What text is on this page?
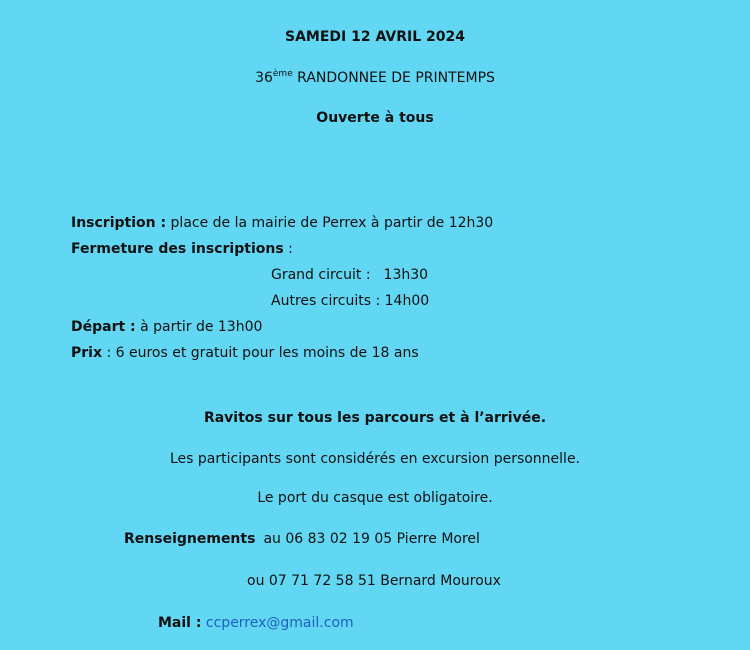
SAMEDI 12 AVRIL 2024
36ème RANDONNEE DE PRINTEMPS
Ouverte à tous
Inscription : place de la mairie de Perrex à partir de 12h30
Fermeture des inscriptions :
Grand circuit : 13h30
Autres circuits : 14h00
Départ : à partir de 13h00
Prix : 6 euros et gratuit pour les moins de 18 ans
Ravitos sur tous les parcours et à l’arrivée.
Les participants sont considérés en excursion personnelle.
Le port du casque est obligatoire.
Renseignements au 06 83 02 19 05 Pierre Morel
ou 07 71 72 58 51 Bernard Mouroux
Mail : ccperrex@gmail.com
